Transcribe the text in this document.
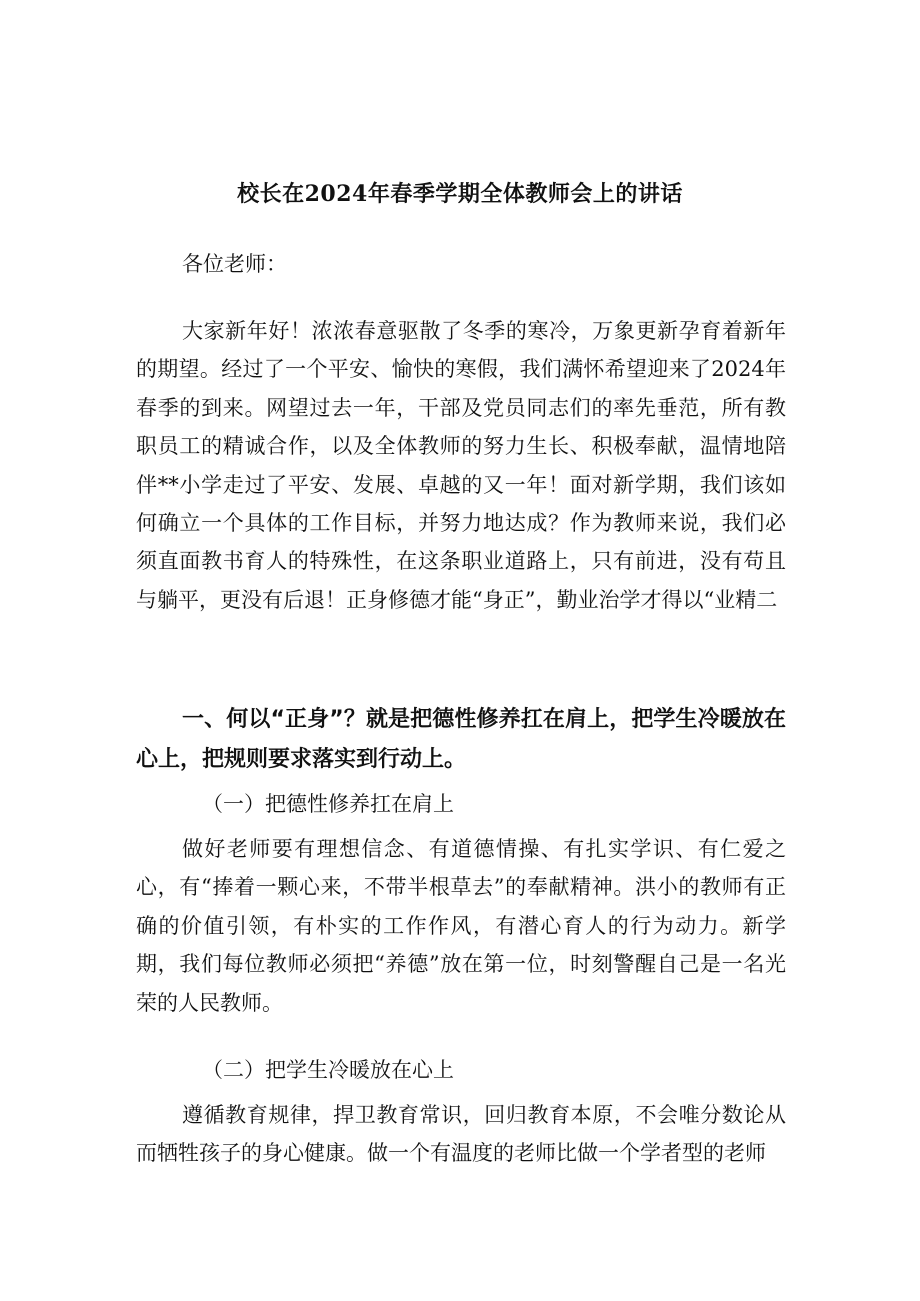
校长在2024年春季学期全体教师会上的讲话

各位老师：

大家新年好！浓浓春意驱散了冬季的寒冷，万象更新孕育着新年的期望。经过了一个平安、愉快的寒假，我们满怀希望迎来了2024年春季的到来。网望过去一年，干部及党员同志们的率先垂范，所有教职员工的精诚合作，以及全体教师的努力生长、积极奉献，温情地陪伴**小学走过了平安、发展、卓越的又一年！面对新学期，我们该如何确立一个具体的工作目标，并努力地达成？作为教师来说，我们必须直面教书育人的特殊性，在这条职业道路上，只有前进，没有苟且与躺平，更没有后退！正身修德才能“身正”，勤业治学才得以“业精二

一、何以“正身”？就是把德性修养扛在肩上，把学生冷暖放在心上，把规则要求落实到行动上。

（一）把德性修养扛在肩上

做好老师要有理想信念、有道德情操、有扎实学识、有仁爱之心，有“捧着一颗心来，不带半根草去”的奉献精神。洪小的教师有正确的价值引领，有朴实的工作作风，有潜心育人的行为动力。新学期，我们每位教师必须把“养德”放在第一位，时刻警醒自己是一名光荣的人民教师。

（二）把学生冷暖放在心上

遵循教育规律，捍卫教育常识，回归教育本原，不会唯分数论从而牺牲孩子的身心健康。做一个有温度的老师比做一个学者型的老师
